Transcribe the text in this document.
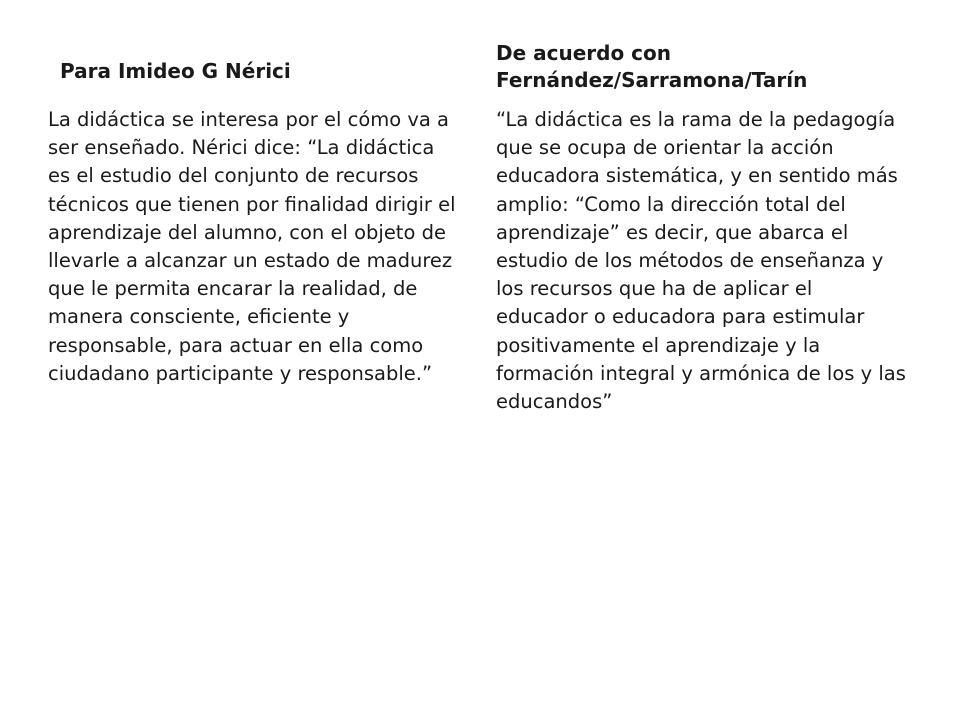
Para Imideo G Nérici

La didáctica se interesa por el cómo va a ser enseñado. Nérici dice: “La didáctica es el estudio del conjunto de recursos técnicos que tienen por finalidad dirigir el aprendizaje del alumno, con el objeto de llevarle a alcanzar un estado de madurez que le permita encarar la realidad, de manera consciente, eficiente y responsable, para actuar en ella como ciudadano participante y responsable.”

De acuerdo con Fernández/Sarramona/Tarín

“La didáctica es la rama de la pedagogía que se ocupa de orientar la acción educadora sistemática, y en sentido más amplio: “Como la dirección total del aprendizaje” es decir, que abarca el estudio de los métodos de enseñanza y los recursos que ha de aplicar el educador o educadora para estimular positivamente el aprendizaje y la formación integral y armónica de los y las educandos”
